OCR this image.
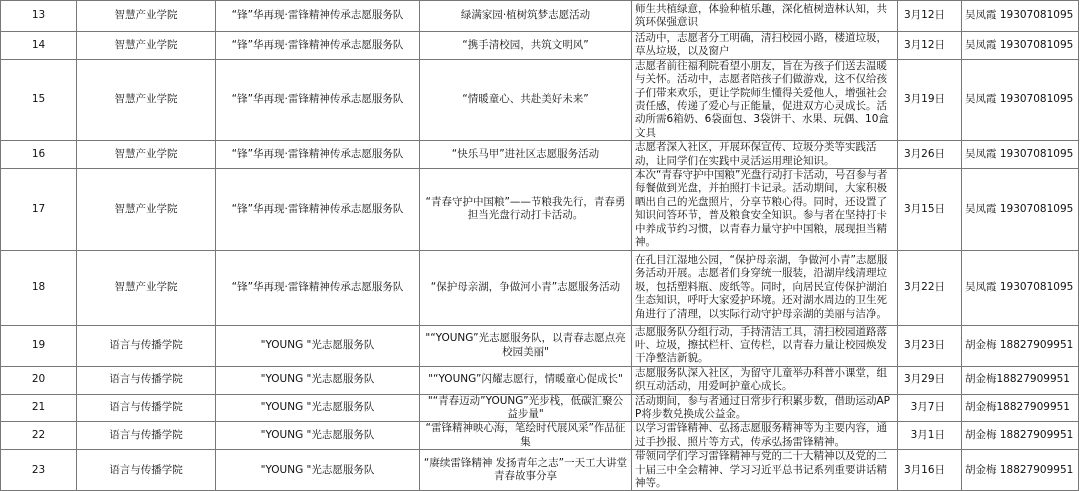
13	智慧产业学院	“锋”华再现·雷锋精神传承志愿服务队	绿满家园·植树筑梦志愿活动	师生共植绿意，体验种植乐趣，深化植树造林认知，共筑环保强意识	3月12日	吴凤霞 19307081095
14	智慧产业学院	“锋”华再现·雷锋精神传承志愿服务队	“携手清校园，共筑文明风”	活动中，志愿者分工明确，清扫校园小路，楼道垃圾，草丛垃圾，以及窗户	3月12日	吴凤霞 19307081095
15	智慧产业学院	“锋”华再现·雷锋精神传承志愿服务队	“情暖童心、共赴美好未来”	志愿者前往福利院看望小朋友，旨在为孩子们送去温暖与关怀。活动中，志愿者陪孩子们做游戏，这不仅给孩子们带来欢乐，更让学院师生懂得关爱他人，增强社会责任感，传递了爱心与正能量，促进双方心灵成长。活动所需6箱奶、6袋面包、3袋饼干、水果、玩偶、10盒文具	3月19日	吴凤霞 19307081095
16	智慧产业学院	“锋”华再现·雷锋精神传承志愿服务队	“快乐马甲”进社区志愿服务活动	志愿者深入社区，开展环保宣传、垃圾分类等实践活动，让同学们在实践中灵活运用理论知识。	3月26日	吴凤霞 19307081095
17	智慧产业学院	“锋”华再现·雷锋精神传承志愿服务队	“青春守护中国粮”——节粮我先行，青春勇担当光盘行动打卡活动。	本次“青春守护中国粮”光盘行动打卡活动，号召参与者每餐做到光盘，并拍照打卡记录。活动期间，大家积极晒出自己的光盘照片，分享节粮心得。同时，还设置了知识问答环节，普及粮食安全知识。参与者在坚持打卡中养成节约习惯，以青春力量守护中国粮，展现担当精神。	3月15日	吴凤霞 19307081095
18	智慧产业学院	“锋”华再现·雷锋精神传承志愿服务队	“保护母亲湖，争做河小青”志愿服务活动	在孔目江湿地公园，“保护母亲湖，争做河小青”志愿服务活动开展。志愿者们身穿统一服装，沿湖岸线清理垃圾，包括塑料瓶、废纸等。同时，向居民宣传保护湖泊生态知识，呼吁大家爱护环境。还对湖水周边的卫生死角进行了清理，以实际行动守护母亲湖的美丽与洁净。	3月22日	吴凤霞 19307081095
19	语言与传播学院	"YOUNG "光志愿服务队	"“YOUNG”光志愿服务队，以青春志愿点亮校园美丽"	志愿服务队分组行动，手持清洁工具，清扫校园道路落叶、垃圾，擦拭栏杆、宣传栏，以青春力量让校园焕发干净整洁新貌。	3月23日	胡金梅 18827909951
20	语言与传播学院	"YOUNG "光志愿服务队	"“YOUNG”闪耀志愿行，情暖童心促成长"	志愿服务队深入社区，为留守儿童举办科普小课堂，组织互动活动，用爱呵护童心成长。	3月29日	胡金梅18827909951
21	语言与传播学院	"YOUNG "光志愿服务队	"“青春迈动”YOUNG”光步栈，低碳汇聚公益步量"	活动期间，参与者通过日常步行积累步数，借助运动APP将步数兑换成公益金。	3月7日	胡金梅18827909951
22	语言与传播学院	"YOUNG "光志愿服务队	“雷锋精神映心海，笔绘时代展风采”作品征集	以学习雷锋精神、弘扬志愿服务精神等为主要内容，通过手抄报、照片等方式，传承弘扬雷锋精神。	3月1日	胡金梅 18827909951
23	语言与传播学院	"YOUNG "光志愿服务队	“赓续雷锋精神 发扬青年之志”一天工大讲堂青春故事分享	带领同学们学习雷锋精神与党的二十大精神以及党的二十届三中全会精神、学习习近平总书记系列重要讲话精神等。	3月16日	胡金梅 18827909951
